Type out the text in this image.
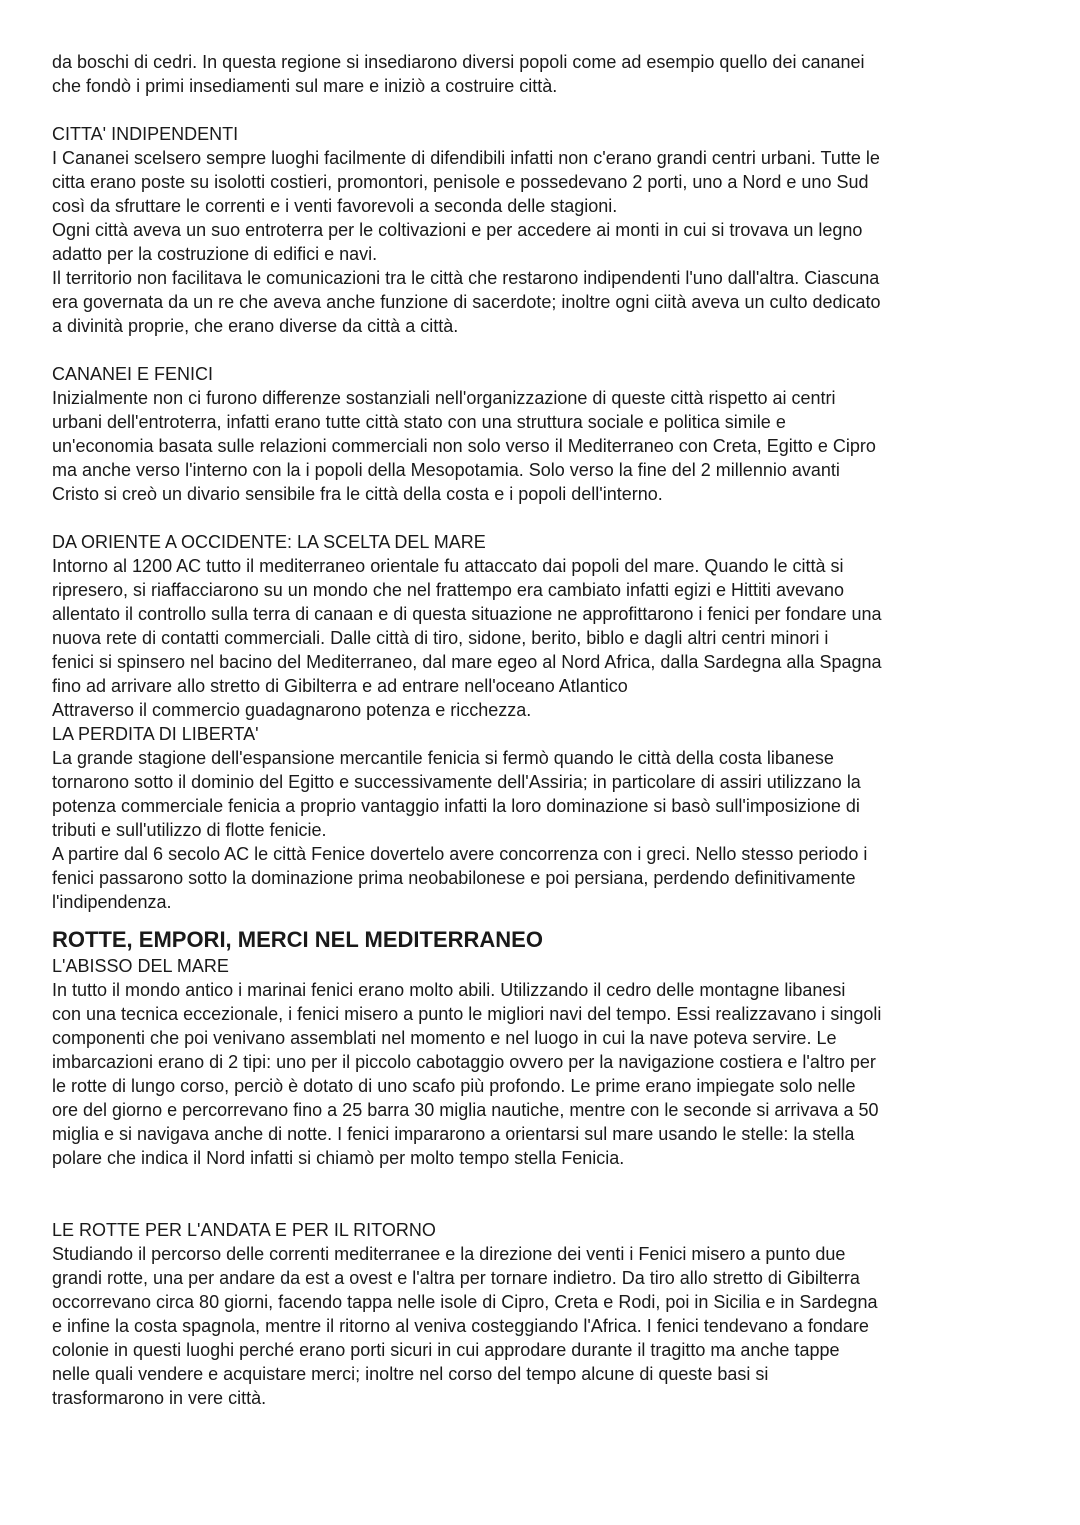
da boschi di cedri. In questa regione si insediarono diversi popoli come ad esempio quello dei cananei
che fondò i primi insediamenti sul mare e iniziò a costruire città.
CITTA' INDIPENDENTI
I Cananei scelsero sempre luoghi facilmente di difendibili infatti non c'erano grandi centri urbani. Tutte le
citta erano poste su isolotti costieri, promontori, penisole e possedevano 2 porti, uno a Nord e uno Sud
così da sfruttare le correnti e i venti favorevoli a seconda delle stagioni.
Ogni città aveva un suo entroterra per le coltivazioni e per accedere ai monti in cui si trovava un legno
adatto per la costruzione di edifici e navi.
Il territorio non facilitava le comunicazioni tra le città che restarono indipendenti l'uno dall'altra. Ciascuna
era governata da un re che aveva anche funzione di sacerdote; inoltre ogni ciità aveva un culto dedicato
a divinità proprie, che erano diverse da città a città.
CANANEI E FENICI
Inizialmente non ci furono differenze sostanziali nell'organizzazione di queste città rispetto ai centri
urbani dell'entroterra, infatti erano tutte città stato con una struttura sociale e politica simile e
un'economia basata sulle relazioni commerciali non solo verso il Mediterraneo con Creta, Egitto e Cipro
ma anche verso l'interno con la i popoli della Mesopotamia. Solo verso la fine del 2 millennio avanti
Cristo si creò un divario sensibile fra le città della costa e i popoli dell'interno.
DA ORIENTE A OCCIDENTE: LA SCELTA DEL MARE
Intorno al 1200 AC tutto il mediterraneo orientale fu attaccato dai popoli del mare. Quando le città si
ripresero, si riaffacciarono su un mondo che nel frattempo era cambiato infatti egizi e Hittiti avevano
allentato il controllo sulla terra di canaan e di questa situazione ne approfittarono i fenici per fondare una
nuova rete di contatti commerciali. Dalle città di tiro, sidone, berito, biblo e dagli altri centri minori i
fenici si spinsero nel bacino del Mediterraneo, dal mare egeo al Nord Africa, dalla Sardegna alla Spagna
fino ad arrivare allo stretto di Gibilterra e ad entrare nell'oceano Atlantico
Attraverso il commercio guadagnarono potenza e ricchezza.
LA PERDITA DI LIBERTA'
La grande stagione dell'espansione mercantile fenicia si fermò quando le città della costa libanese
tornarono sotto il dominio del Egitto e successivamente dell'Assiria; in particolare di assiri utilizzano la
potenza commerciale fenicia a proprio vantaggio infatti la loro dominazione si basò sull'imposizione di
tributi e sull'utilizzo di flotte fenicie.
A partire dal 6 secolo AC le città Fenice dovertelo avere concorrenza con i greci. Nello stesso periodo i
fenici passarono sotto la dominazione prima neobabilonese e poi persiana, perdendo definitivamente
l'indipendenza.
ROTTE, EMPORI, MERCI NEL MEDITERRANEO
L'ABISSO DEL MARE
In tutto il mondo antico i marinai fenici erano molto abili. Utilizzando il cedro delle montagne libanesi
con una tecnica eccezionale, i fenici misero a punto le migliori navi del tempo. Essi realizzavano i singoli
componenti che poi venivano assemblati nel momento e nel luogo in cui la nave poteva servire. Le
imbarcazioni erano di 2 tipi: uno per il piccolo cabotaggio ovvero per la navigazione costiera e l'altro per
le rotte di lungo corso, perciò è dotato di uno scafo più profondo. Le prime erano impiegate solo nelle
ore del giorno e percorrevano fino a 25 barra 30 miglia nautiche, mentre con le seconde si arrivava a 50
miglia e si navigava anche di notte. I fenici impararono a orientarsi sul mare usando le stelle: la stella
polare che indica il Nord infatti si chiamò per molto tempo stella Fenicia.
LE ROTTE PER L'ANDATA E PER IL RITORNO
Studiando il percorso delle correnti mediterranee e la direzione dei venti i Fenici misero a punto due
grandi rotte, una per andare da est a ovest e l'altra per tornare indietro. Da tiro allo stretto di Gibilterra
occorrevano circa 80 giorni, facendo tappa nelle isole di Cipro, Creta e Rodi, poi in Sicilia e in Sardegna
e infine la costa spagnola, mentre il ritorno al veniva costeggiando l'Africa. I fenici tendevano a fondare
colonie in questi luoghi perché erano porti sicuri in cui approdare durante il tragitto ma anche tappe
nelle quali vendere e acquistare merci; inoltre nel corso del tempo alcune di queste basi si
trasformarono in vere città.
